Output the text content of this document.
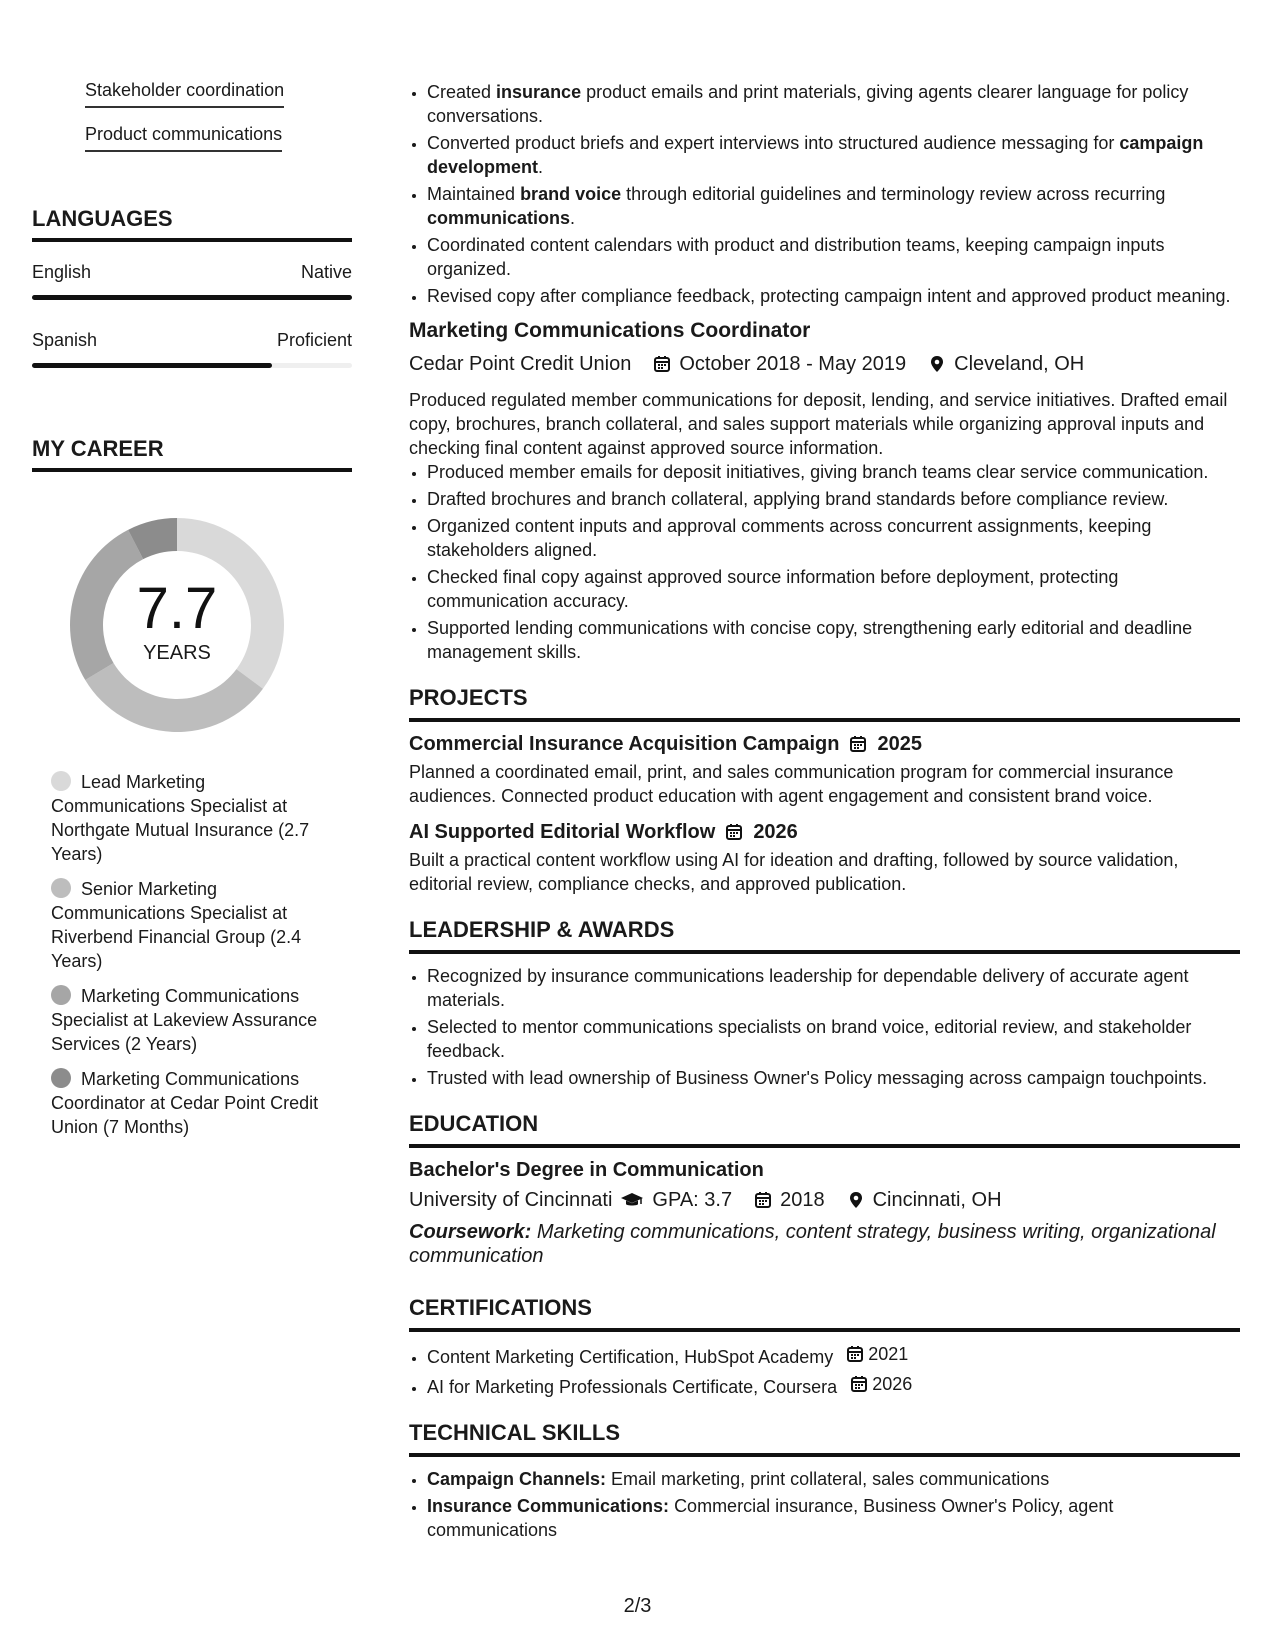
Stakeholder coordination
Product communications
LANGUAGES
English	Native
Spanish	Proficient
MY CAREER
7.7
YEARS
Lead Marketing Communications Specialist at Northgate Mutual Insurance (2.7 Years)
Senior Marketing Communications Specialist at Riverbend Financial Group (2.4 Years)
Marketing Communications Specialist at Lakeview Assurance Services (2 Years)
Marketing Communications Coordinator at Cedar Point Credit Union (7 Months)
• Created insurance product emails and print materials, giving agents clearer language for policy conversations.
• Converted product briefs and expert interviews into structured audience messaging for campaign development.
• Maintained brand voice through editorial guidelines and terminology review across recurring communications.
• Coordinated content calendars with product and distribution teams, keeping campaign inputs organized.
• Revised copy after compliance feedback, protecting campaign intent and approved product meaning.
Marketing Communications Coordinator
Cedar Point Credit Union October 2018 - May 2019 Cleveland, OH
Produced regulated member communications for deposit, lending, and service initiatives. Drafted email copy, brochures, branch collateral, and sales support materials while organizing approval inputs and checking final content against approved source information.
• Produced member emails for deposit initiatives, giving branch teams clear service communication.
• Drafted brochures and branch collateral, applying brand standards before compliance review.
• Organized content inputs and approval comments across concurrent assignments, keeping stakeholders aligned.
• Checked final copy against approved source information before deployment, protecting communication accuracy.
• Supported lending communications with concise copy, strengthening early editorial and deadline management skills.
PROJECTS
Commercial Insurance Acquisition Campaign 2025
Planned a coordinated email, print, and sales communication program for commercial insurance audiences. Connected product education with agent engagement and consistent brand voice.
AI Supported Editorial Workflow 2026
Built a practical content workflow using AI for ideation and drafting, followed by source validation, editorial review, compliance checks, and approved publication.
LEADERSHIP & AWARDS
• Recognized by insurance communications leadership for dependable delivery of accurate agent materials.
• Selected to mentor communications specialists on brand voice, editorial review, and stakeholder feedback.
• Trusted with lead ownership of Business Owner's Policy messaging across campaign touchpoints.
EDUCATION
Bachelor's Degree in Communication
University of Cincinnati GPA: 3.7 2018 Cincinnati, OH
Coursework: Marketing communications, content strategy, business writing, organizational communication
CERTIFICATIONS
• Content Marketing Certification, HubSpot Academy 2021
• AI for Marketing Professionals Certificate, Coursera 2026
TECHNICAL SKILLS
• Campaign Channels: Email marketing, print collateral, sales communications
• Insurance Communications: Commercial insurance, Business Owner's Policy, agent communications
2/3
